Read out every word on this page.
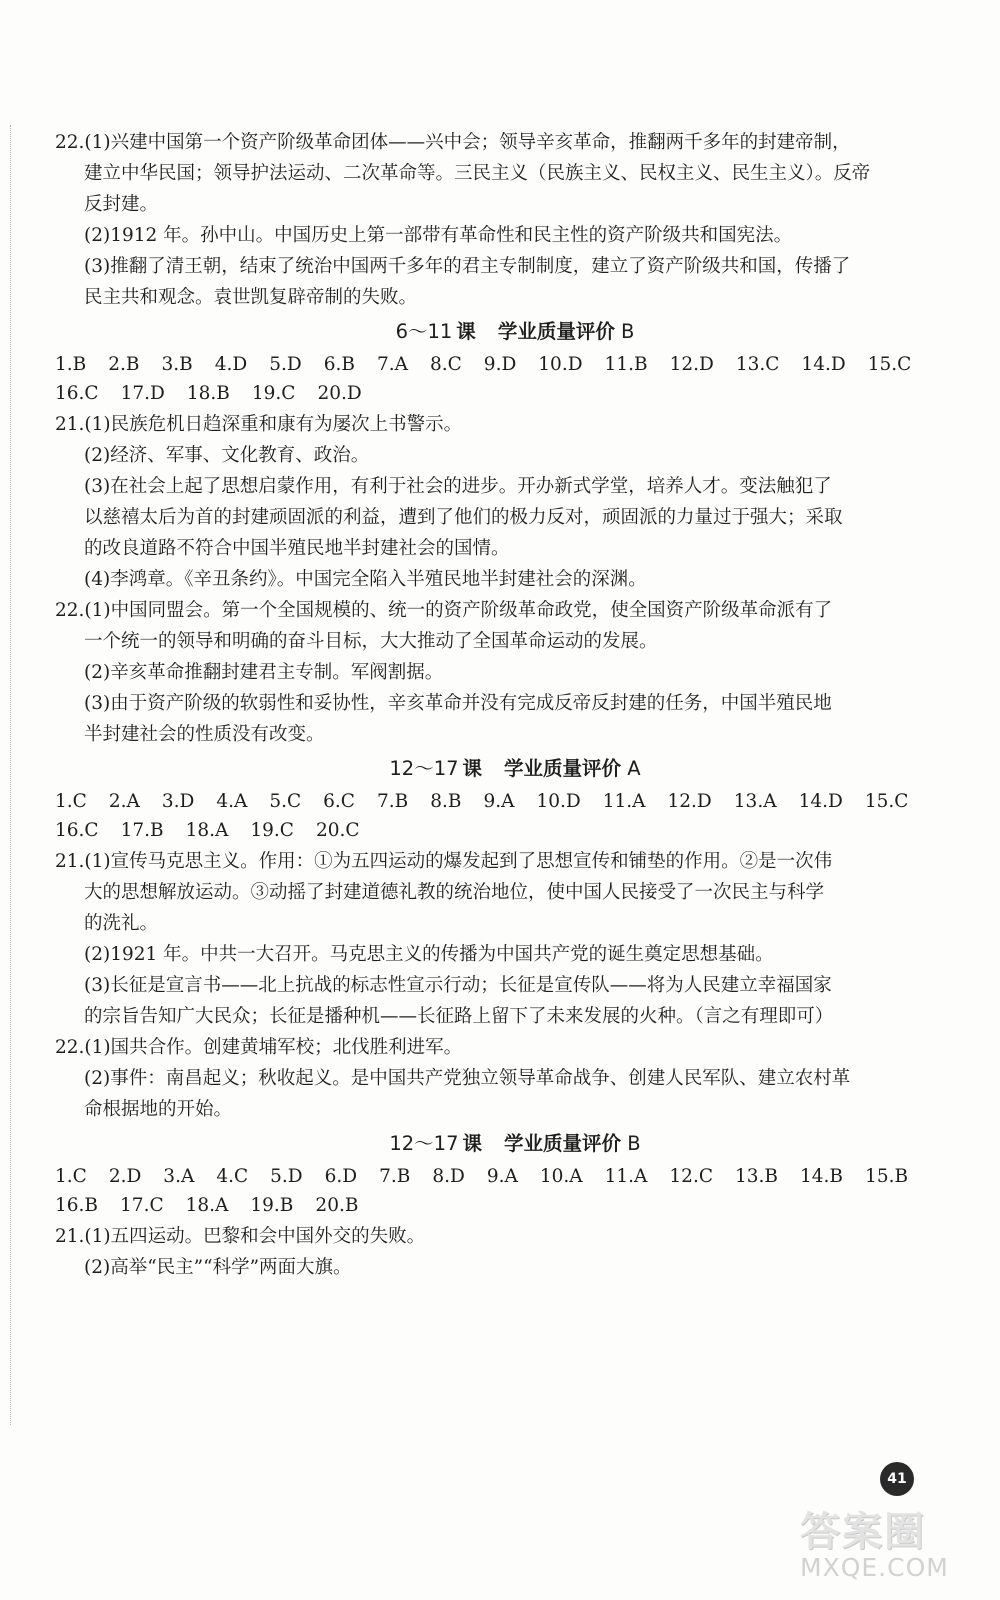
22.(1)兴建中国第一个资产阶级革命团体——兴中会；领导辛亥革命，推翻两千多年的封建帝制，

建立中华民国；领导护法运动、二次革命等。三民主义（民族主义、民权主义、民生主义）。反帝

反封建。

(2)1912 年。孙中山。中国历史上第一部带有革命性和民主性的资产阶级共和国宪法。

(3)推翻了清王朝，结束了统治中国两千多年的君主专制制度，建立了资产阶级共和国，传播了

民主共和观念。袁世凯复辟帝制的失败。

6～11 课 学业质量评价 B
1.B 2.B 3.B 4.D 5.D 6.B 7.A 8.C 9.D 10.D 11.B 12.D 13.C 14.D 15.C
16.C 17.D 18.B 19.C 20.D

21.(1)民族危机日趋深重和康有为屡次上书警示。

(2)经济、军事、文化教育、政治。

(3)在社会上起了思想启蒙作用，有利于社会的进步。开办新式学堂，培养人才。变法触犯了

以慈禧太后为首的封建顽固派的利益，遭到了他们的极力反对，顽固派的力量过于强大；采取

的改良道路不符合中国半殖民地半封建社会的国情。

(4)李鸿章。《辛丑条约》。中国完全陷入半殖民地半封建社会的深渊。

22.(1)中国同盟会。第一个全国规模的、统一的资产阶级革命政党，使全国资产阶级革命派有了

一个统一的领导和明确的奋斗目标，大大推动了全国革命运动的发展。

(2)辛亥革命推翻封建君主专制。军阀割据。

(3)由于资产阶级的软弱性和妥协性，辛亥革命并没有完成反帝反封建的任务，中国半殖民地

半封建社会的性质没有改变。

12～17 课 学业质量评价 A
1.C 2.A 3.D 4.A 5.C 6.C 7.B 8.B 9.A 10.D 11.A 12.D 13.A 14.D 15.C
16.C 17.B 18.A 19.C 20.C

21.(1)宣传马克思主义。作用：①为五四运动的爆发起到了思想宣传和铺垫的作用。②是一次伟

大的思想解放运动。③动摇了封建道德礼教的统治地位，使中国人民接受了一次民主与科学

的洗礼。

(2)1921 年。中共一大召开。马克思主义的传播为中国共产党的诞生奠定思想基础。

(3)长征是宣言书——北上抗战的标志性宣示行动；长征是宣传队——将为人民建立幸福国家

的宗旨告知广大民众；长征是播种机——长征路上留下了未来发展的火种。（言之有理即可）

22.(1)国共合作。创建黄埔军校；北伐胜利进军。

(2)事件：南昌起义；秋收起义。是中国共产党独立领导革命战争、创建人民军队、建立农村革

命根据地的开始。

12～17 课 学业质量评价 B
1.C 2.D 3.A 4.C 5.D 6.D 7.B 8.D 9.A 10.A 11.A 12.C 13.B 14.B 15.B
16.B 17.C 18.A 19.B 20.B

21.(1)五四运动。巴黎和会中国外交的失败。

(2)高举“民主”“科学”两面大旗。

41
答案圈
MXQE.COM
